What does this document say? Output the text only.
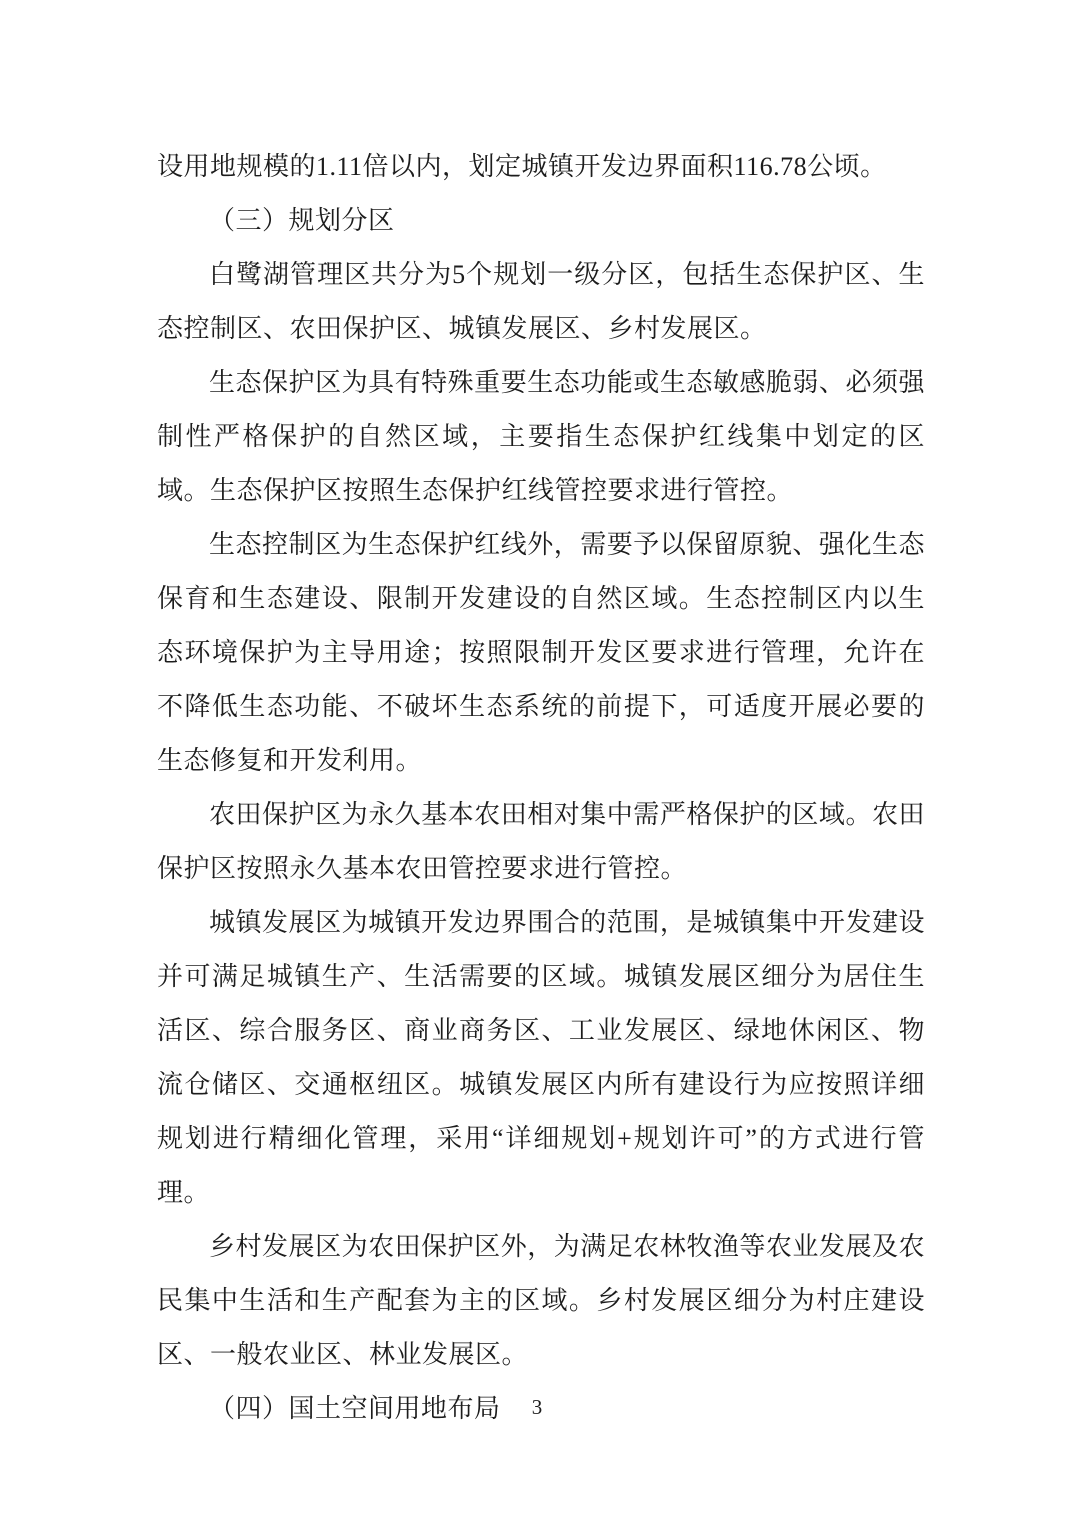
设用地规模的1.11倍以内，划定城镇开发边界面积116.78公顷。

（三）规划分区

白鹭湖管理区共分为5个规划一级分区，包括生态保护区、生态控制区、农田保护区、城镇发展区、乡村发展区。

生态保护区为具有特殊重要生态功能或生态敏感脆弱、必须强制性严格保护的自然区域，主要指生态保护红线集中划定的区域。生态保护区按照生态保护红线管控要求进行管控。

生态控制区为生态保护红线外，需要予以保留原貌、强化生态保育和生态建设、限制开发建设的自然区域。生态控制区内以生态环境保护为主导用途；按照限制开发区要求进行管理，允许在不降低生态功能、不破坏生态系统的前提下，可适度开展必要的生态修复和开发利用。

农田保护区为永久基本农田相对集中需严格保护的区域。农田保护区按照永久基本农田管控要求进行管控。

城镇发展区为城镇开发边界围合的范围，是城镇集中开发建设并可满足城镇生产、生活需要的区域。城镇发展区细分为居住生活区、综合服务区、商业商务区、工业发展区、绿地休闲区、物流仓储区、交通枢纽区。城镇发展区内所有建设行为应按照详细规划进行精细化管理，采用“详细规划+规划许可”的方式进行管理。

乡村发展区为农田保护区外，为满足农林牧渔等农业发展及农民集中生活和生产配套为主的区域。乡村发展区细分为村庄建设区、一般农业区、林业发展区。

（四）国土空间用地布局	3
